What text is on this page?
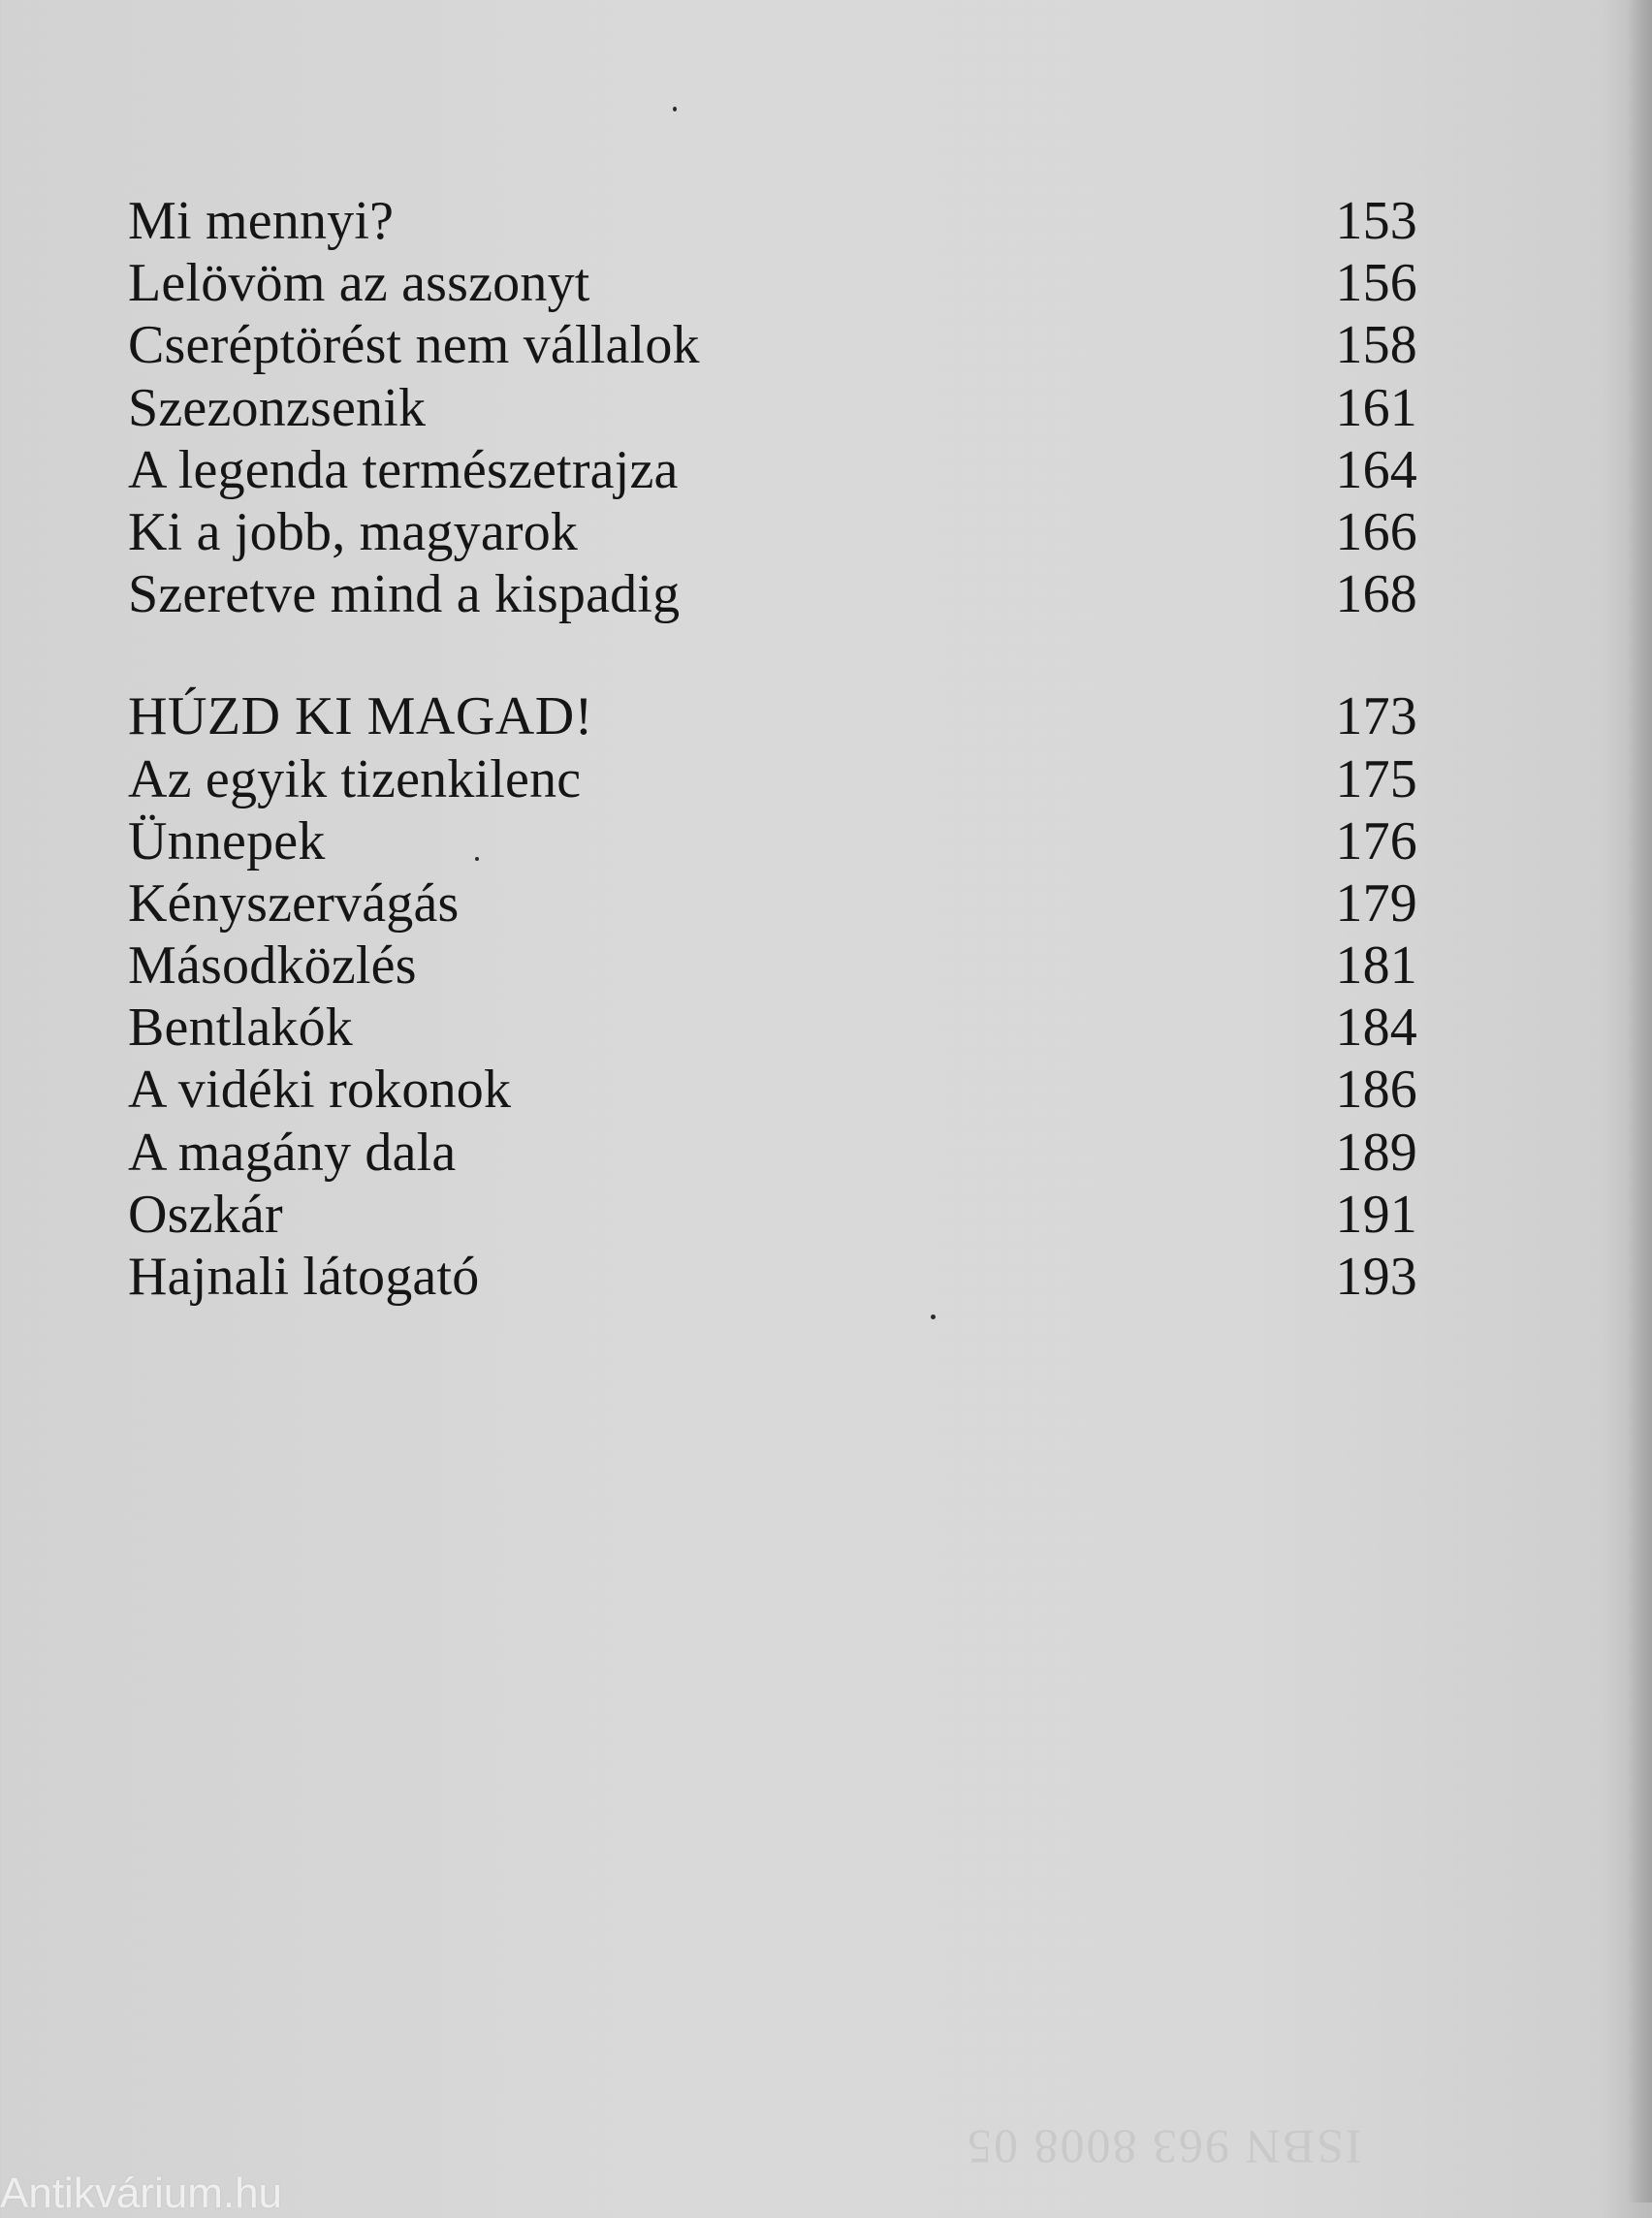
Mi mennyi?	153
Lelövöm az asszonyt	156
Cseréptörést nem vállalok	158
Szezonzsenik	161
A legenda természetrajza	164
Ki a jobb, magyarok	166
Szeretve mind a kispadig	168
HÚZD KI MAGAD!	173
Az egyik tizenkilenc	175
Ünnepek	176
Kényszervágás	179
Másodközlés	181
Bentlakók	184
A vidéki rokonok	186
A magány dala	189
Oszkár	191
Hajnali látogató	193
ISBN 963 8008 05
Antikvárium.hu
